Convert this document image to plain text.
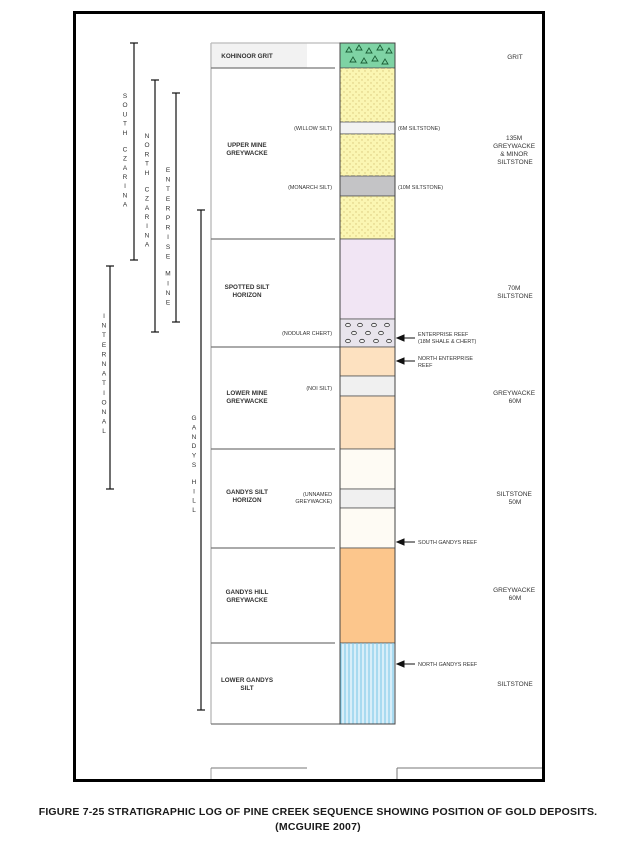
KOHINOOR GRIT
UPPER MINE GREYWACKE
SPOTTED SILT HORIZON
LOWER MINE GREYWACKE
GANDYS SILT HORIZON
GANDYS HILL GREYWACKE
LOWER GANDYS SILT
(WILLOW SILT)
(MONARCH SILT)
(NODULAR CHERT)
(NOI SILT)
(UNNAMED
GREYWACKE)
(6M SILTSTONE)
(10M SILTSTONE)
ENTERPRISE REEF
(18M SHALE & CHERT)
NORTH ENTERPRISE
REEF
SOUTH GANDYS REEF
NORTH GANDYS REEF
GRIT
135M GREYWACKE & MINOR SILTSTONE
70M SILTSTONE
GREYWACKE 60M
SILTSTONE 50M
GREYWACKE 60M
SILTSTONE
S O U T H C Z A R I N A
N O R T H C Z A R I N A
E N T E R P R I S E M I N E
I N T E R N A T I O N A L
G A N D Y S H I L L
FIGURE 7-25 STRATIGRAPHIC LOG OF PINE CREEK SEQUENCE SHOWING POSITION OF GOLD DEPOSITS.
(MCGUIRE 2007)
